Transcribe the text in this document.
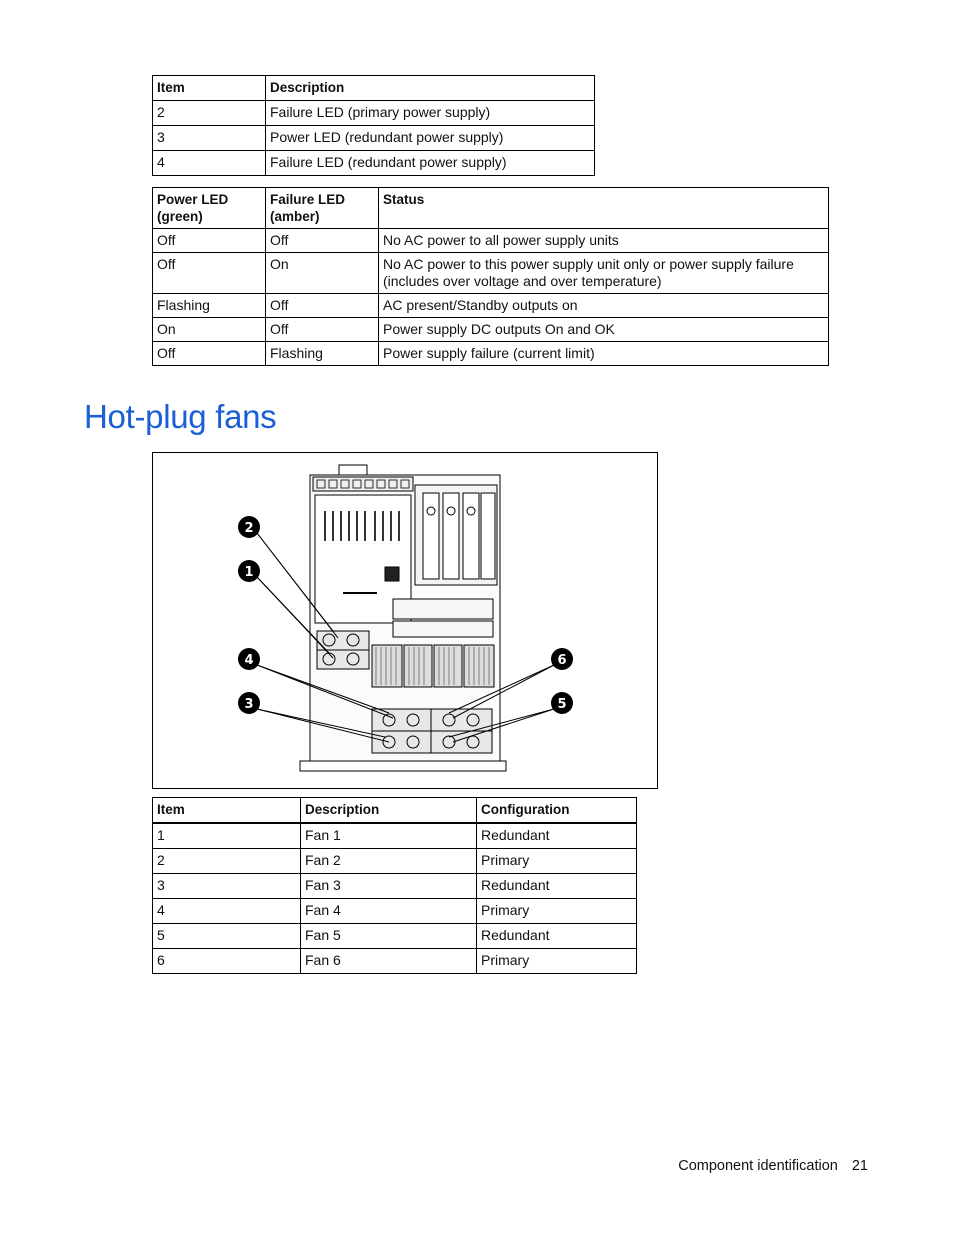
Item	Description
2	Failure LED (primary power supply)
3	Power LED (redundant power supply)
4	Failure LED (redundant power supply)
Power LED (green)	Failure LED (amber)	Status
Off	Off	No AC power to all power supply units
Off	On	No AC power to this power supply unit only or power supply failure (includes over voltage and over temperature)
Flashing	Off	AC present/Standby outputs on
On	Off	Power supply DC outputs On and OK
Off	Flashing	Power supply failure (current limit)
Hot-plug fans
2
1
4
3
6
5
Item	Description	Configuration
1	Fan 1	Redundant
2	Fan 2	Primary
3	Fan 3	Redundant
4	Fan 4	Primary
5	Fan 5	Redundant
6	Fan 6	Primary
Component identification 21
